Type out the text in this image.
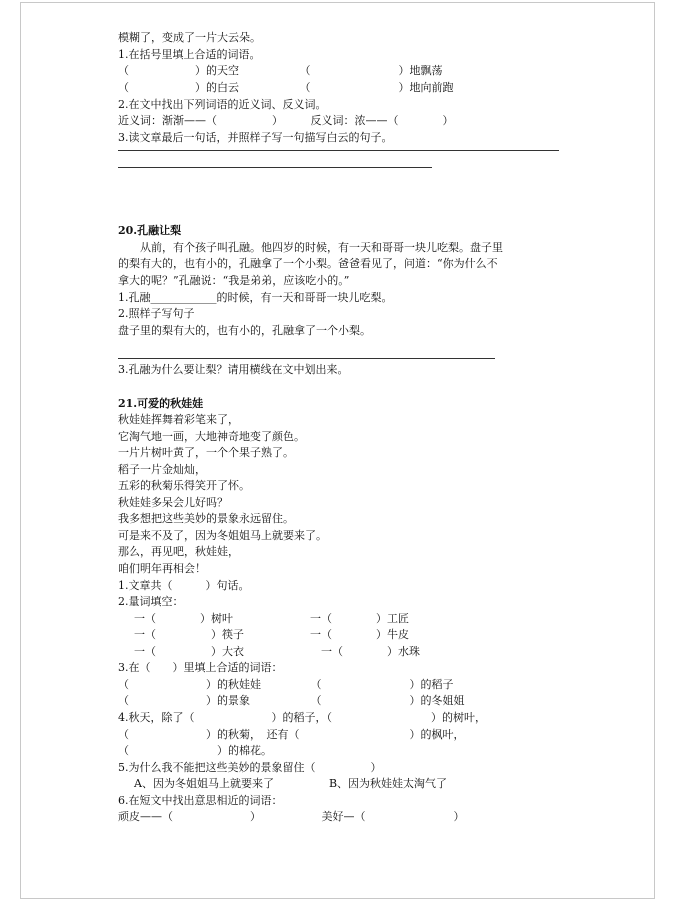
模糊了，变成了一片大云朵。
1.在括号里填上合适的词语。
（　　　　　　）的天空　　　　　　（　　　　　　　　）地飘荡
（　　　　　　）的白云　　　　　　（　　　　　　　　）地向前跑
2.在文中找出下列词语的近义词、反义词。
近义词：渐渐——（　　　　　）　　　反义词：浓——（　　　　）
3.读文章最后一句话，并照样子写一句描写白云的句子。
20.孔融让梨
从前，有个孩子叫孔融。他四岁的时候，有一天和哥哥一块儿吃梨。盘子里
的梨有大的，也有小的，孔融拿了一个小梨。爸爸看见了，问道：“你为什么不
拿大的呢？”孔融说：“我是弟弟，应该吃小的。”
1.孔融____________的时候，有一天和哥哥一块儿吃梨。
2.照样子写句子
盘子里的梨有大的，也有小的，孔融拿了一个小梨。
3.孔融为什么要让梨？请用横线在文中划出来。
21.可爱的秋娃娃
秋娃娃挥舞着彩笔来了，
它淘气地一画，大地神奇地变了颜色。
一片片树叶黄了，一个个果子熟了。
稻子一片金灿灿，
五彩的秋菊乐得笑开了怀。
秋娃娃多呆会儿好吗？
我多想把这些美妙的景象永远留住。
可是来不及了，因为冬姐姐马上就要来了。
那么，再见吧，秋娃娃，
咱们明年再相会！
1.文章共（　　　）句话。
2.量词填空：
一（　　　　）树叶　　　　　　　一（　　　　）工匠
一（　　　　　）筷子　　　　　　一（　　　　）牛皮
一（　　　　　）大衣　　　　　　　一（　　　　）水珠
3.在（　　）里填上合适的词语：
（　　　　　　　）的秋娃娃　　　　　（　　　　　　　　）的稻子
（　　　　　　　）的景象　　　　　　（　　　　　　　　）的冬姐姐
4.秋天，除了（　　　　　　　）的稻子，（　　　　　　　　　）的树叶，
（　　　　　　　）的秋菊，　还有（　　　　　　　　　　）的枫叶，
（　　　　　　　　）的棉花。
5.为什么我不能把这些美妙的景象留住（　　　　　）
A、因为冬姐姐马上就要来了　　　　　B、因为秋娃娃太淘气了
6.在短文中找出意思相近的词语：
顽皮——（　　　　　　　）　　　　　　美好—（　　　　　　　　）
